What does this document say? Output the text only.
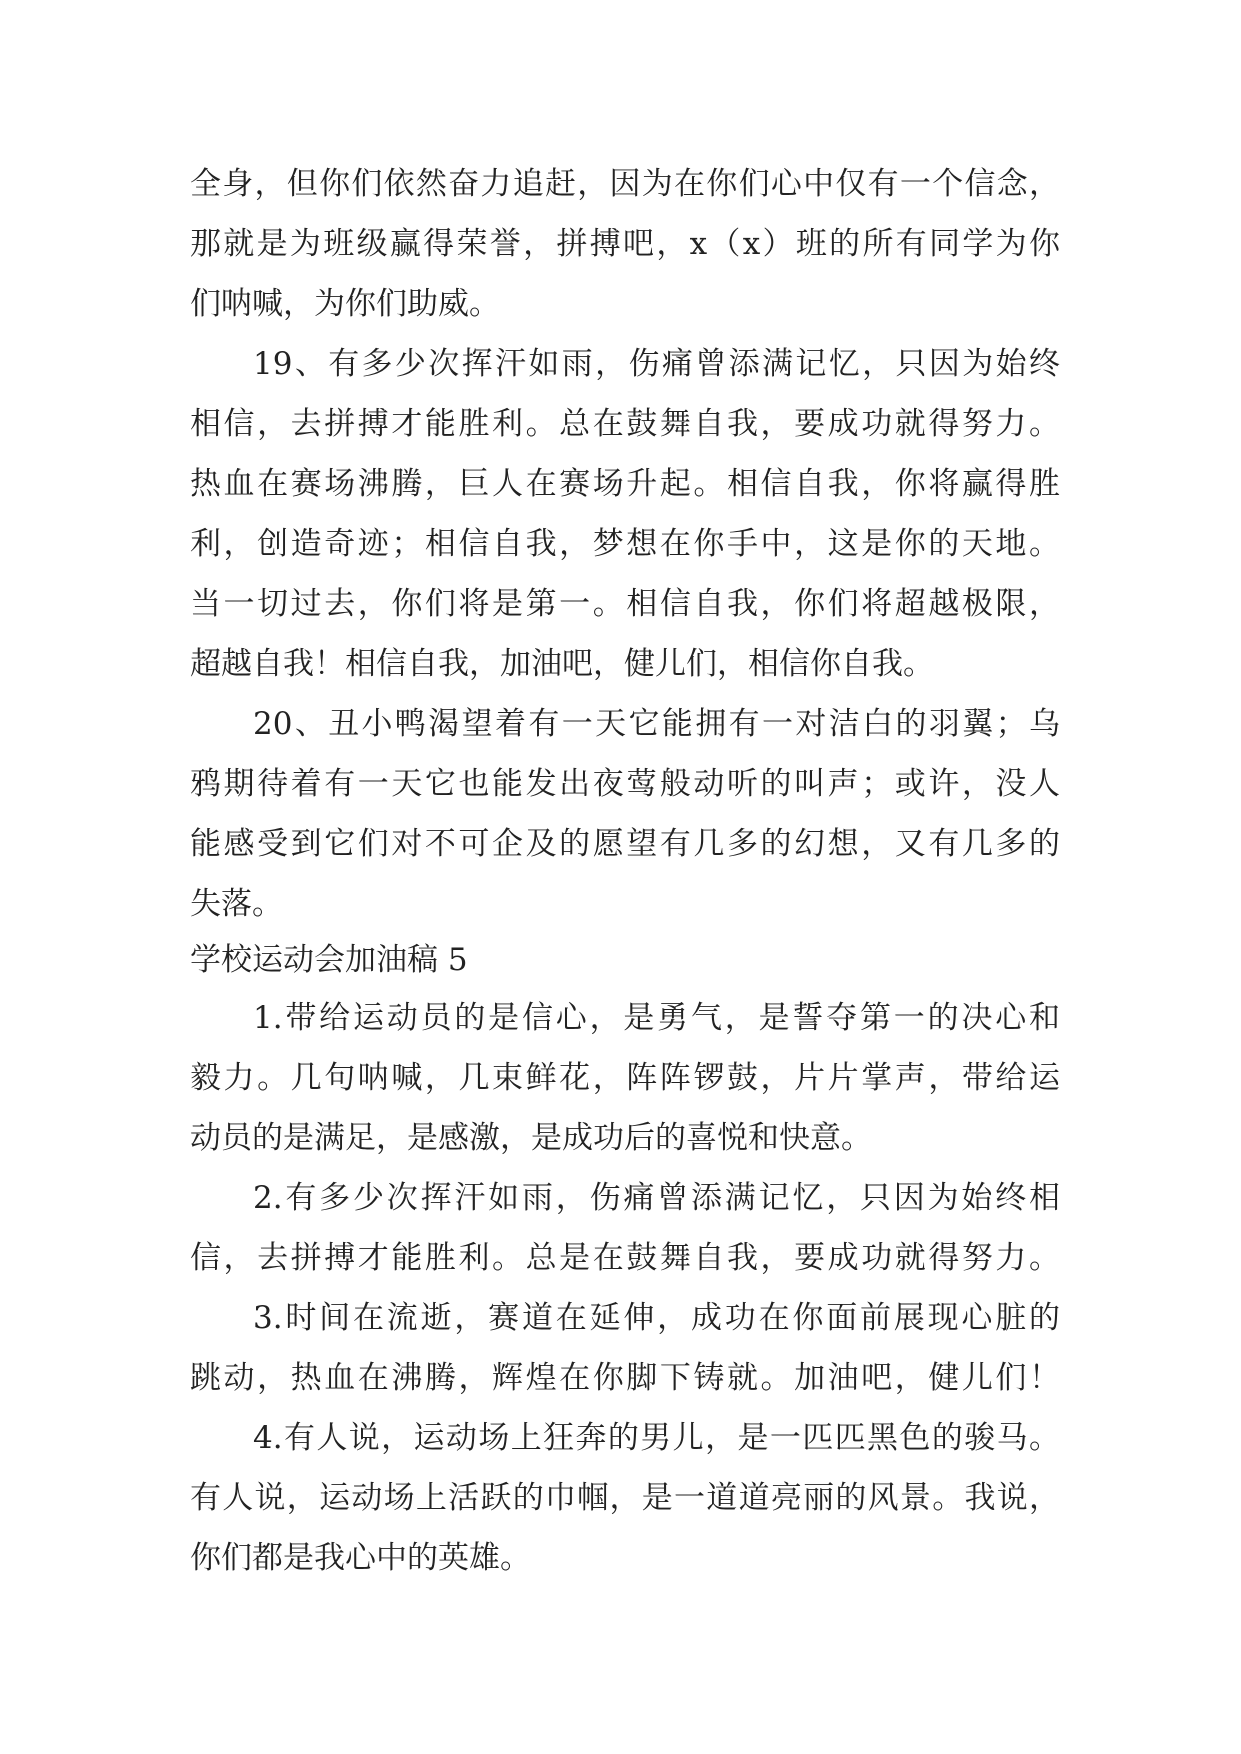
全身，但你们依然奋力追赶，因为在你们心中仅有一个信念，
那就是为班级赢得荣誉，拼搏吧，x（x）班的所有同学为你
们呐喊，为你们助威。
19、有多少次挥汗如雨，伤痛曾添满记忆，只因为始终
相信，去拼搏才能胜利。总在鼓舞自我，要成功就得努力。
热血在赛场沸腾，巨人在赛场升起。相信自我，你将赢得胜
利，创造奇迹；相信自我，梦想在你手中，这是你的天地。
当一切过去，你们将是第一。相信自我，你们将超越极限，
超越自我！相信自我，加油吧，健儿们，相信你自我。
20、丑小鸭渴望着有一天它能拥有一对洁白的羽翼；乌
鸦期待着有一天它也能发出夜莺般动听的叫声；或许，没人
能感受到它们对不可企及的愿望有几多的幻想，又有几多的
失落。
学校运动会加油稿 5
1.带给运动员的是信心，是勇气，是誓夺第一的决心和
毅力。几句呐喊，几束鲜花，阵阵锣鼓，片片掌声，带给运
动员的是满足，是感激，是成功后的喜悦和快意。
2.有多少次挥汗如雨，伤痛曾添满记忆，只因为始终相
信，去拼搏才能胜利。总是在鼓舞自我，要成功就得努力。
3.时间在流逝，赛道在延伸，成功在你面前展现心脏的
跳动，热血在沸腾，辉煌在你脚下铸就。加油吧，健儿们！
4.有人说，运动场上狂奔的男儿，是一匹匹黑色的骏马。
有人说，运动场上活跃的巾帼，是一道道亮丽的风景。我说，
你们都是我心中的英雄。
